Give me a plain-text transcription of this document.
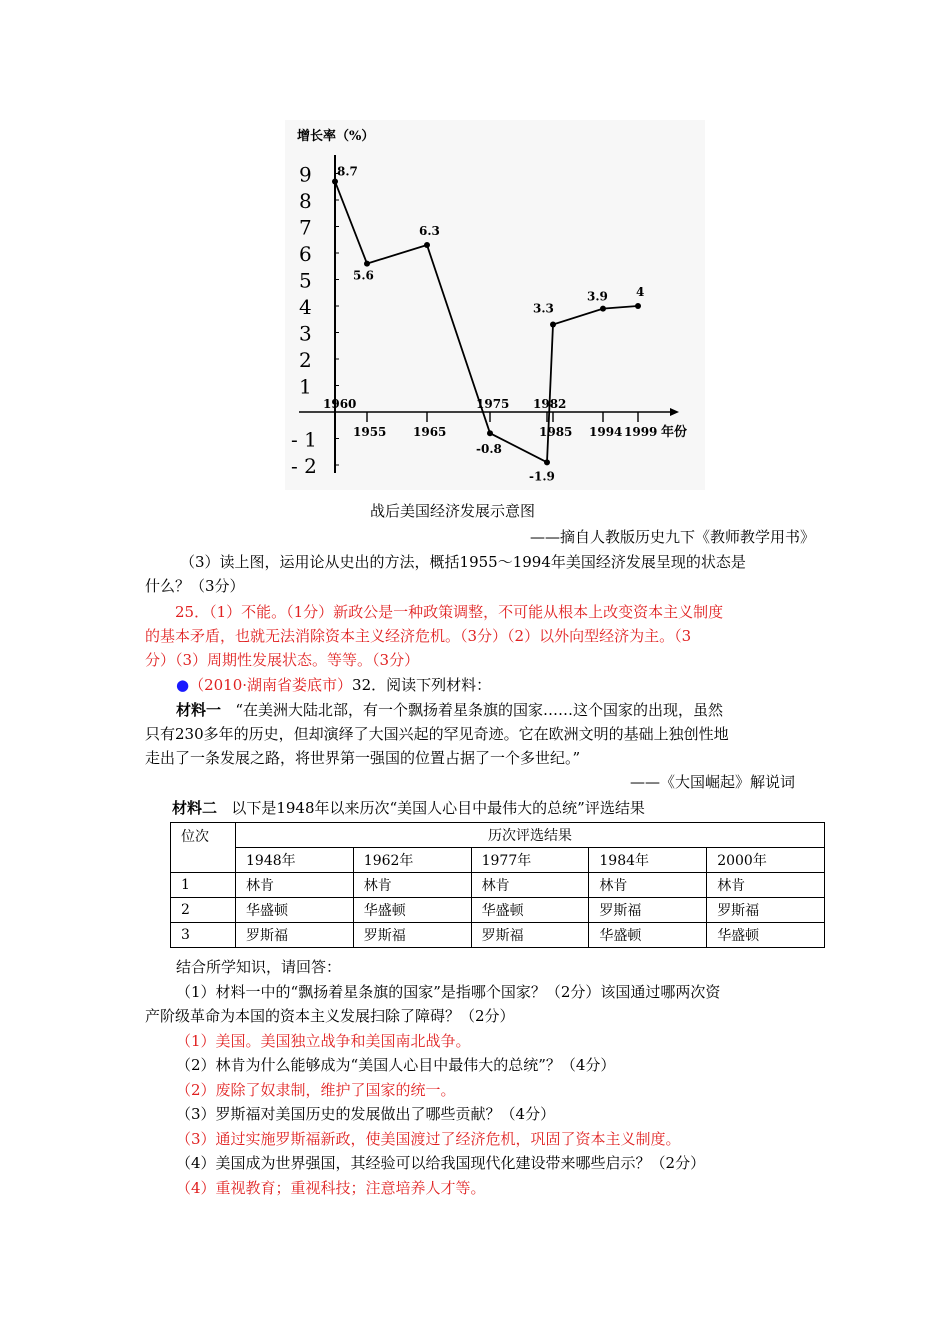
增长率（%）
9
8
7
6
5
4
3
2
1
- 1
- 2
1960
1955 1965
1975 1982
1985 1994 1999 年份
8.7
5.6
6.3
-0.8
-1.9
3.3
3.9 4
战后美国经济发展示意图
——摘自人教版历史九下《教师教学用书》
（3）读上图，运用论从史出的方法，概括1955～1994年美国经济发展呈现的状态是
什么？（3分）
25．（1）不能。（1分）新政公是一种政策调整，不可能从根本上改变资本主义制度
的基本矛盾，也就无法消除资本主义经济危机。（3分）（2）以外向型经济为主。（3
分）（3）周期性发展状态。等等。（3分）
●（2010·湖南省娄底市）32．阅读下列材料：
材料一 “在美洲大陆北部，有一个飘扬着星条旗的国家……这个国家的出现，虽然
只有230多年的历史，但却演绎了大国兴起的罕见奇迹。它在欧洲文明的基础上独创性地
走出了一条发展之路，将世界第一强国的位置占据了一个多世纪。”
——《大国崛起》解说词
材料二 以下是1948年以来历次“美国人心目中最伟大的总统”评选结果
位次	历次评选结果				
	1948年	1962年	1977年	1984年	2000年
1	林肯	林肯	林肯	林肯	林肯
2	华盛顿	华盛顿	华盛顿	罗斯福	罗斯福
3	罗斯福	罗斯福	罗斯福	华盛顿	华盛顿
结合所学知识，请回答：
（1）材料一中的“飘扬着星条旗的国家”是指哪个国家？（2分）该国通过哪两次资
产阶级革命为本国的资本主义发展扫除了障碍？（2分）
（1）美国。美国独立战争和美国南北战争。
（2）林肯为什么能够成为“美国人心目中最伟大的总统”？（4分）
（2）废除了奴隶制，维护了国家的统一。
（3）罗斯福对美国历史的发展做出了哪些贡献？（4分）
（3）通过实施罗斯福新政，使美国渡过了经济危机，巩固了资本主义制度。
（4）美国成为世界强国，其经验可以给我国现代化建设带来哪些启示？（2分）
（4）重视教育；重视科技；注意培养人才等。
